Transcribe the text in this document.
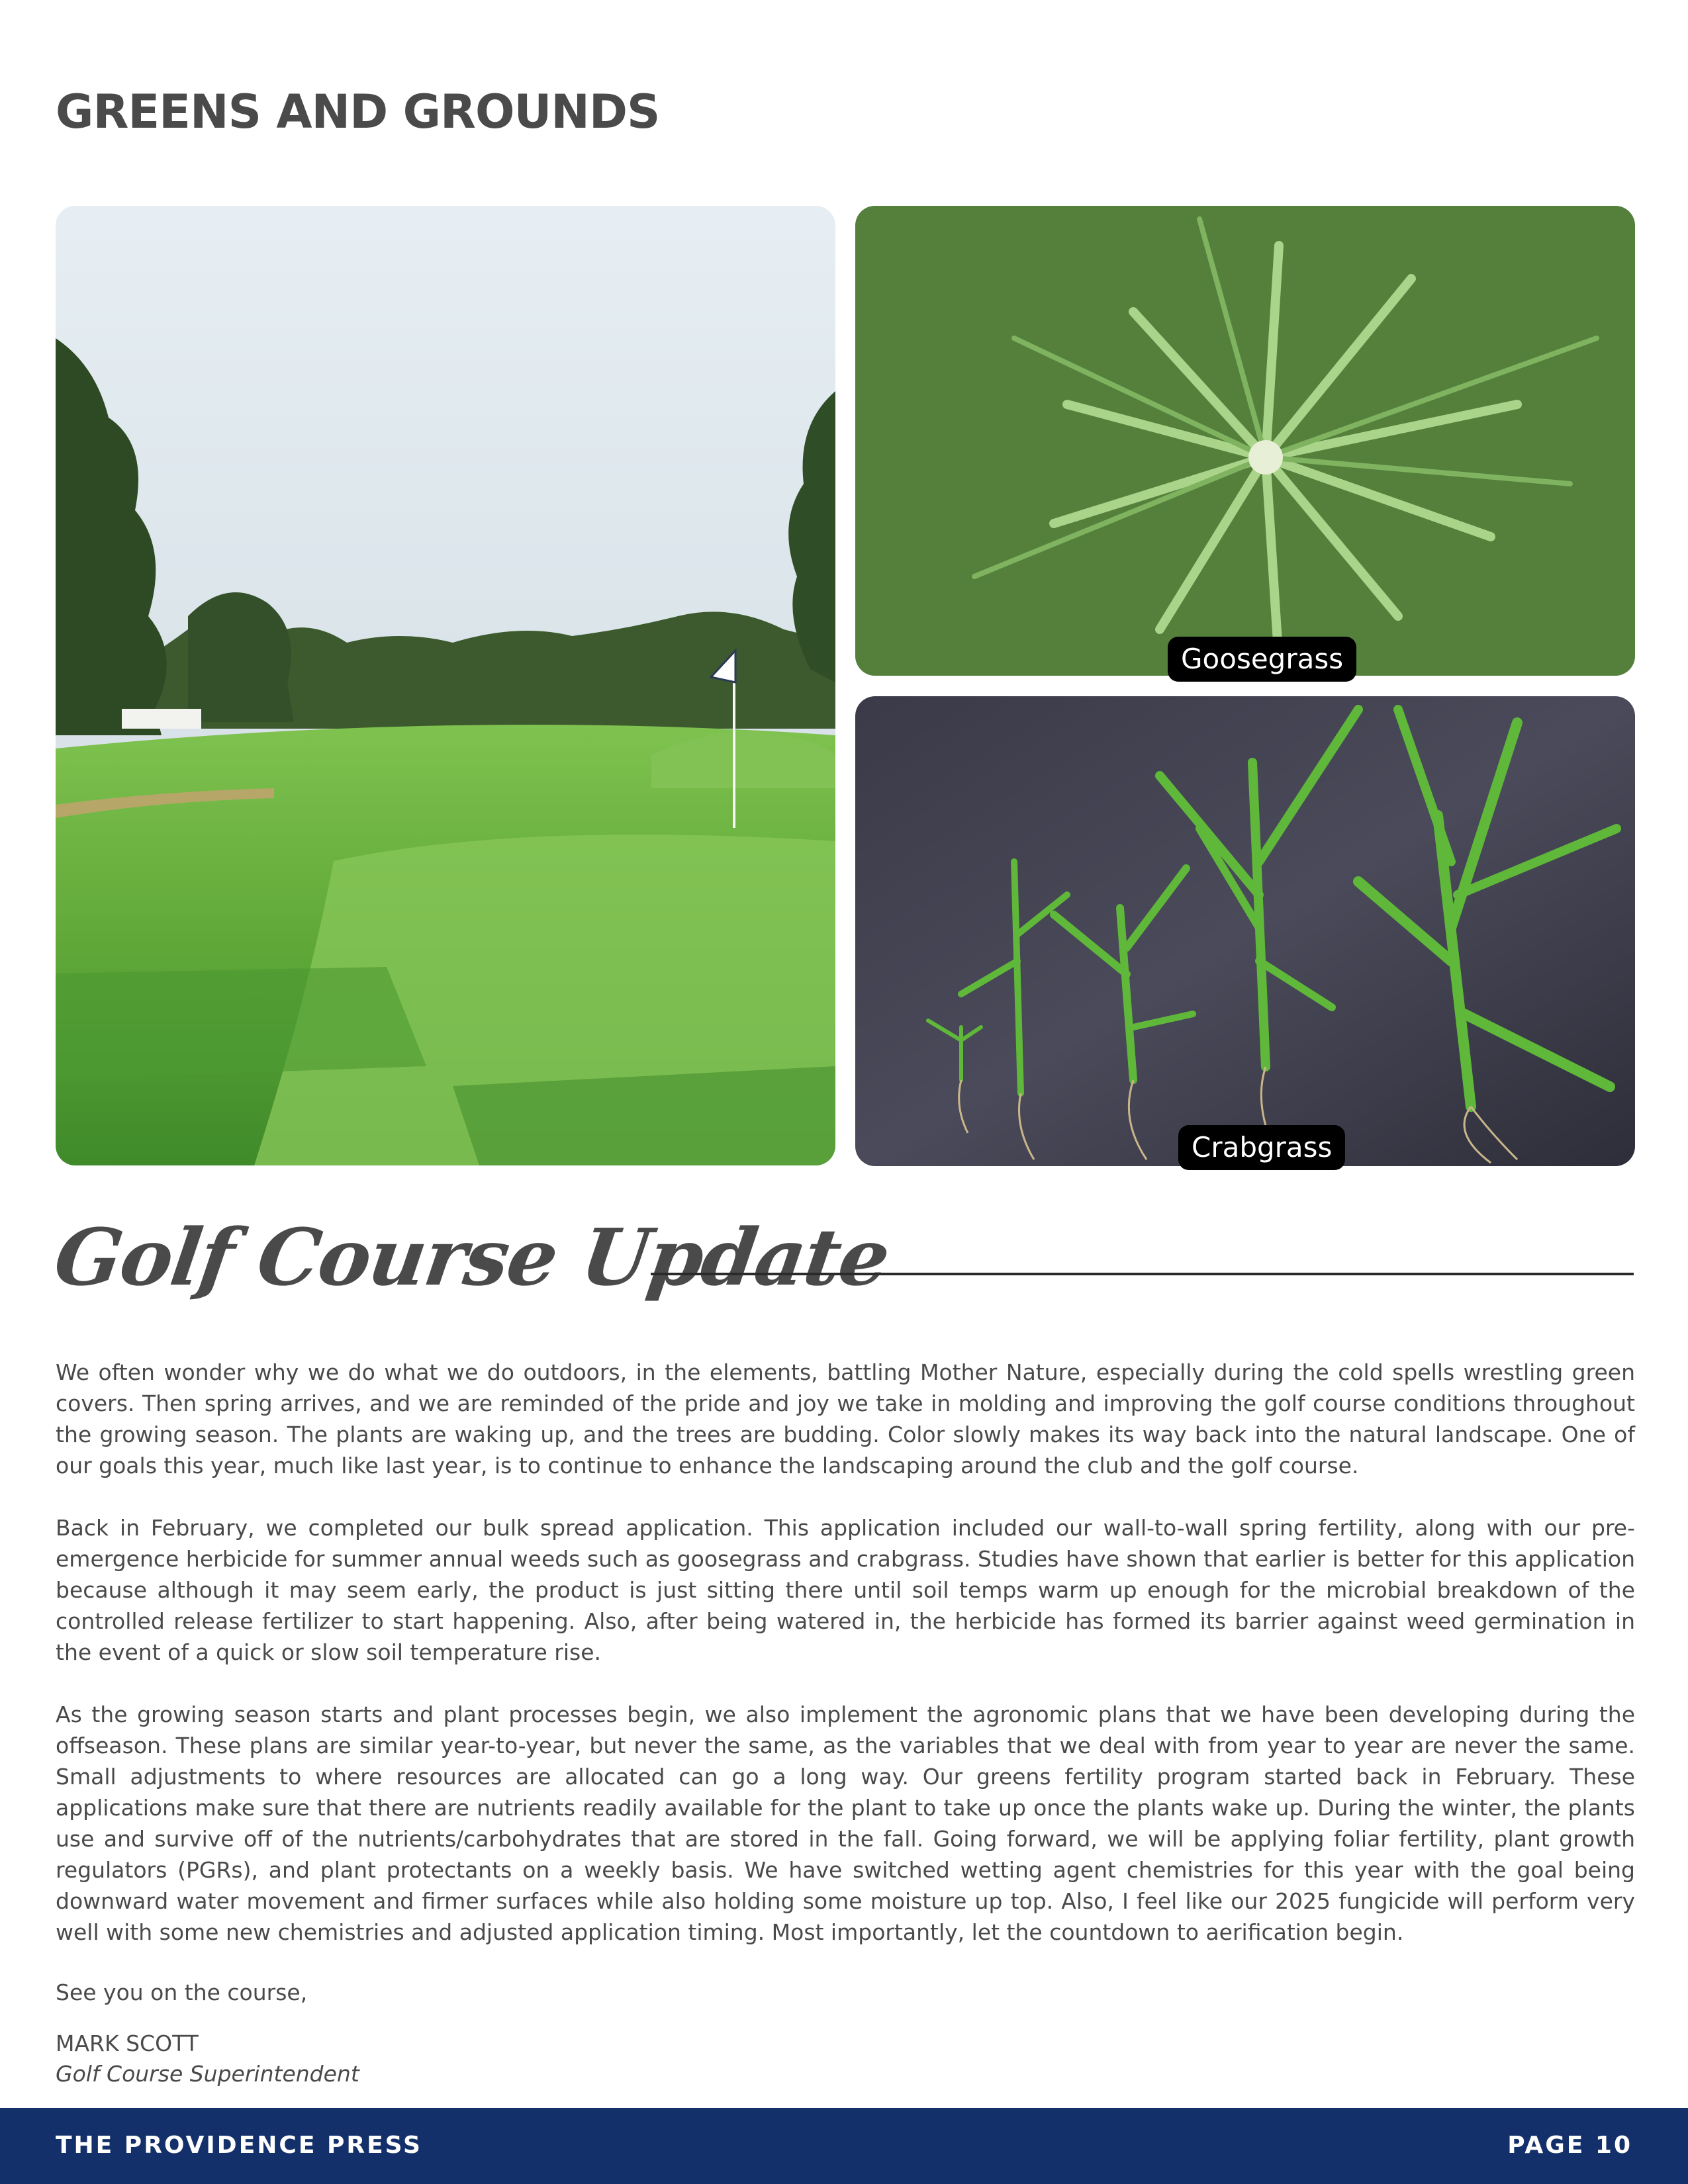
GREENS AND GROUNDS
Goosegrass
Crabgrass
Golf Course Update

We often wonder why we do what we do outdoors, in the elements, battling Mother Nature, especially during the cold spells wrestling green covers. Then spring arrives, and we are reminded of the pride and joy we take in molding and improving the golf course conditions throughout the growing season. The plants are waking up, and the trees are budding. Color slowly makes its way back into the natural landscape. One of our goals this year, much like last year, is to continue to enhance the landscaping around the club and the golf course.

Back in February, we completed our bulk spread application. This application included our wall-to-wall spring fertility, along with our pre-emergence herbicide for summer annual weeds such as goosegrass and crabgrass. Studies have shown that earlier is better for this application because although it may seem early, the product is just sitting there until soil temps warm up enough for the microbial breakdown of the controlled release fertilizer to start happening. Also, after being watered in, the herbicide has formed its barrier against weed germination in the event of a quick or slow soil temperature rise.

As the growing season starts and plant processes begin, we also implement the agronomic plans that we have been developing during the offseason. These plans are similar year-to-year, but never the same, as the variables that we deal with from year to year are never the same. Small adjustments to where resources are allocated can go a long way. Our greens fertility program started back in February. These applications make sure that there are nutrients readily available for the plant to take up once the plants wake up. During the winter, the plants use and survive off of the nutrients/carbohydrates that are stored in the fall. Going forward, we will be applying foliar fertility, plant growth regulators (PGRs), and plant protectants on a weekly basis. We have switched wetting agent chemistries for this year with the goal being downward water movement and firmer surfaces while also holding some moisture up top. Also, I feel like our 2025 fungicide will perform very well with some new chemistries and adjusted application timing. Most importantly, let the countdown to aerification begin.

See you on the course,
MARK SCOTT
Golf Course Superintendent
THE PROVIDENCE PRESS	PAGE 10
